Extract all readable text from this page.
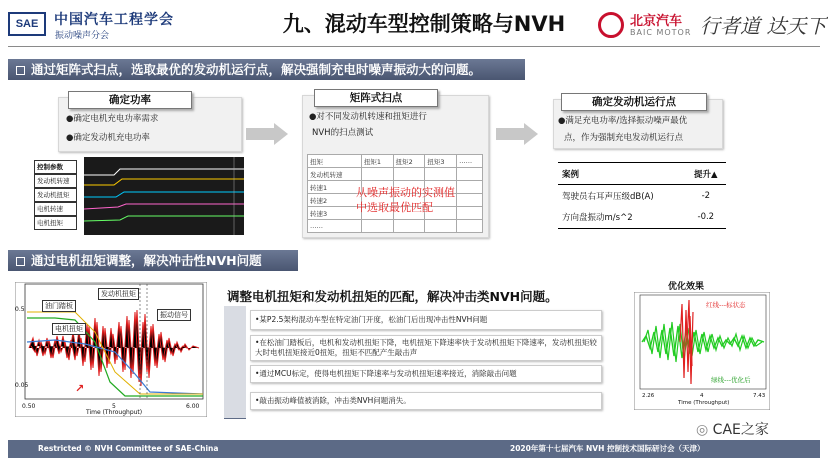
SAE	中国汽车工程学会
振动噪声分会	九、混动车型控制策略与NVH	北京汽车
BAIC MOTOR 行者道 达天下
通过矩阵式扫点，选取最优的发动机运行点，解决强制充电时噪声振动大的问题。
确定功率
●确定电机充电功率需求
●确定发动机充电功率
控制参数
发动机转速
发动机扭矩
电机转速
电机扭矩
矩阵式扫点
●对不同发动机转速和扭矩进行
NVH的扫点测试
扭矩	扭矩1	扭矩2	扭矩3	……
发动机转速				
转速1				
转速2				
转速3				
……				
从噪声振动的实测值
中选取最优匹配
确定发动机运行点
●满足充电功率/选择振动噪声最优
点，作为强制充电发动机运行点
案例	提升▲
驾驶员右耳声压级dB(A)	-2
方向盘振动m/s^2	-0.2
通过电机扭矩调整，解决冲击性NVH问题
↗
油门踏板
发动机扭矩
电机扭矩
振动信号
0.5
0.05
0.50	5	6.00
Time (Throughput)
调整电机扭矩和发动机扭矩的匹配，解决冲击类NVH问题。
•某P2.5架构混动车型在特定油门开度，松油门后出现冲击性NVH问题
•在松油门踏板后，电机和发动机扭矩下降，电机扭矩下降速率快于发动机扭矩下降速率，发动机扭矩较大时电机扭矩接近0扭矩，扭矩不匹配产生敲击声
•通过MCU标定，使得电机扭矩下降速率与发动机扭矩速率接近，消除敲击问题
•敲击振动峰值被消除，冲击类NVH问题消失。
优化效果
红线---标状态
绿线---优化后
2.26	4	7.43
Time (Throughput)
◎ CAE之家
Restricted © NVH Committee of SAE-China	2020年第十七届汽车 NVH 控制技术国际研讨会（天津）
